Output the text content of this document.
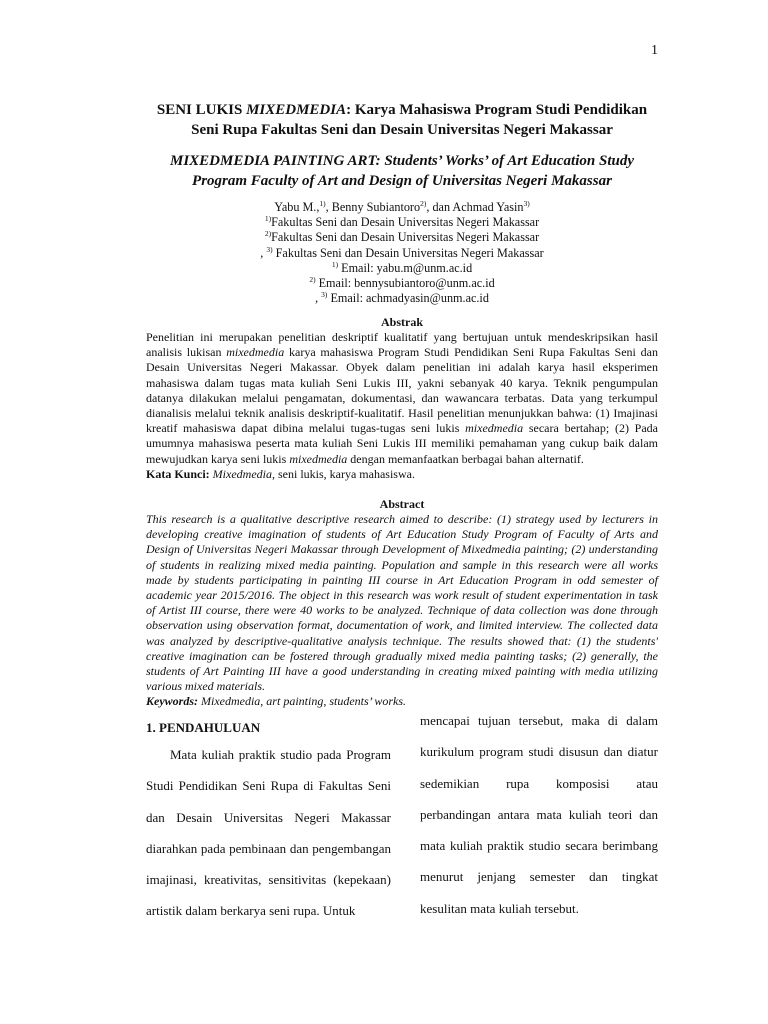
1
SENI LUKIS MIXEDMEDIA: Karya Mahasiswa Program Studi Pendidikan Seni Rupa Fakultas Seni dan Desain Universitas Negeri Makassar
MIXEDMEDIA PAINTING ART: Students’ Works’ of Art Education Study Program Faculty of Art and Design of Universitas Negeri Makassar
Yabu M.,$^{1)}$, Benny Subiantoro$^{2)}$, dan Achmad Yasin$^{3)}$
$^{1)}$Fakultas Seni dan Desain Universitas Negeri Makassar
$^{2)}$Fakultas Seni dan Desain Universitas Negeri Makassar
, $^{3)}$ Fakultas Seni dan Desain Universitas Negeri Makassar
$^{1)}$ Email: yabu.m@unm.ac.id
$^{2)}$ Email: bennysubiantoro@unm.ac.id
, $^{3)}$ Email: achmadyasin@unm.ac.id
Abstrak
Penelitian ini merupakan penelitian deskriptif kualitatif yang bertujuan untuk mendeskripsikan hasil analisis lukisan mixedmedia karya mahasiswa Program Studi Pendidikan Seni Rupa Fakultas Seni dan Desain Universitas Negeri Makassar. Obyek dalam penelitian ini adalah karya hasil eksperimen mahasiswa dalam tugas mata kuliah Seni Lukis III, yakni sebanyak 40 karya. Teknik pengumpulan datanya dilakukan melalui pengamatan, dokumentasi, dan wawancara terbatas. Data yang terkumpul dianalisis melalui teknik analisis deskriptif-kualitatif. Hasil penelitian menunjukkan bahwa: (1) Imajinasi kreatif mahasiswa dapat dibina melalui tugas-tugas seni lukis mixedmedia secara bertahap; (2) Pada umumnya mahasiswa peserta mata kuliah Seni Lukis III memiliki pemahaman yang cukup baik dalam mewujudkan karya seni lukis mixedmedia dengan memanfaatkan berbagai bahan alternatif.
Kata Kunci: Mixedmedia, seni lukis, karya mahasiswa.
Abstract
This research is a qualitative descriptive research aimed to describe: (1) strategy used by lecturers in developing creative imagination of students of Art Education Study Program of Faculty of Arts and Design of Universitas Negeri Makassar through Development of Mixedmedia painting; (2) understanding of students in realizing mixed media painting. Population and sample in this research were all works made by students participating in painting III course in Art Education Program in odd semester of academic year 2015/2016. The object in this research was work result of student experimentation in task of Artist III course, there were 40 works to be analyzed. Technique of data collection was done through observation using observation format, documentation of work, and limited interview. The collected data was analyzed by descriptive-qualitative analysis technique. The results showed that: (1) the students' creative imagination can be fostered through gradually mixed media painting tasks; (2) generally, the students of Art Painting III have a good understanding in creating mixed painting with media utilizing various mixed materials.
Keywords: Mixedmedia, art painting, students’ works.
1. PENDAHULUAN

Mata kuliah praktik studio pada Program Studi Pendidikan Seni Rupa di Fakultas Seni dan Desain Universitas Negeri Makassar diarahkan pada pembinaan dan pengembangan imajinasi, kreativitas, sensitivitas (kepekaan) artistik dalam berkarya seni rupa. Untuk

mencapai tujuan tersebut, maka di dalam kurikulum program studi disusun dan diatur sedemikian rupa komposisi atau perbandingan antara mata kuliah teori dan mata kuliah praktik studio secara berimbang menurut jenjang semester dan tingkat kesulitan mata kuliah tersebut.
